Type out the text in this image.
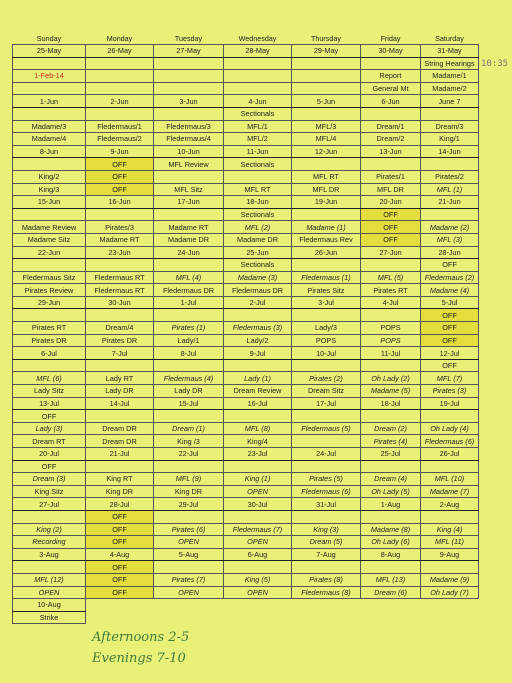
Sunday	Monday	Tuesday	Wednesday	Thursday	Friday	Saturday
25-May	26-May	27-May	28-May	29-May	30-May	31-May
						String Hearings
1-Feb-14					Report	Madame/1
					General Mt	Madame/2
1-Jun	2-Jun	3-Jun	4-Jun	5-Jun	6-Jun	June 7
			Sectionals			
Madame/3	Fledermaus/1	Fledermaus/3	MFL/1	MFL/3	Dream/1	Dream/3
Madame/4	Fledermaus/2	Fledermaus/4	MFL/2	MFL/4	Dream/2	King/1
8-Jun	9-Jun	10-Jun	11-Jun	12-Jun	13-Jun	14-Jun
	OFF	MFL Review	Sectionals			
King/2	OFF			MFL RT	Pirates/1	Pirates/2
King/3	OFF	MFL Sitz	MFL RT	MFL DR	MFL DR	MFL (1)
15-Jun	16-Jun	17-Jun	18-Jun	19-Jun	20-Jun	21-Jun
			Sectionals		OFF	
Madame Review	Pirates/3	Madame RT	MFL (2)	Madame (1)	OFF	Madame (2)
Madame Sitz	Madame RT	Madame DR	Madame DR	Fledermaus Rev	OFF	MFL (3)
22-Jun	23-Jun	24-Jun	25-Jun	26-Jun	27-Jun	28-Jun
			Sectionals			OFF
Fledermaus Sitz	Fledermaus RT	MFL (4)	Madame (3)	Fledermaus (1)	MFL (5)	Fledermaus (2)
Pirates Review	Fledermaus RT	Fledermaus DR	Fledermaus DR	Pirates Sitz	Pirates RT	Madame (4)
29-Jun	30-Jun	1-Jul	2-Jul	3-Jul	4-Jul	5-Jul
						OFF
Pirates RT	Dream/4	Pirates (1)	Fledermaus (3)	Lady/3	POPS	OFF
Pirates DR	Pirates DR	Lady/1	Lady/2	POPS	POPS	OFF
6-Jul	7-Jul	8-Jul	9-Jul	10-Jul	11-Jul	12-Jul
						OFF
MFL (6)	Lady RT	Fledermaus (4)	Lady (1)	Pirates (2)	Oh Lady (2)	MFL (7)
Lady Sitz	Lady DR	Lady DR	Dream Review	Dream Sitz	Madame (5)	Pirates (3)
13-Jul	14-Jul	15-Jul	16-Jul	17-Jul	18-Jul	19-Jul
OFF						
Lady (3)	Dream DR	Dream (1)	MFL (8)	Fledermaus (5)	Dream (2)	Oh Lady (4)
Dream RT	Dream DR	King /3	King/4		Pirates (4)	Fledermaus (6)
20-Jul	21-Jul	22-Jul	23-Jul	24-Jul	25-Jul	26-Jul
OFF						
Dream (3)	King RT	MFL (9)	King (1)	Pirates (5)	Dream (4)	MFL (10)
King Sitz	King DR	King DR	OPEN	Fledermaus (6)	Oh Lady (5)	Madame (7)
27-Jul	28-Jul	29-Jul	30-Jul	31-Jul	1-Aug	2-Aug
	OFF					
King (2)	OFF	Pirates (6)	Fledermaus (7)	King (3)	Madame (8)	King (4)
Recording	OFF	OPEN	OPEN	Dream (5)	Oh Lady (6)	MFL (11)
3-Aug	4-Aug	5-Aug	6-Aug	7-Aug	8-Aug	9-Aug
	OFF					
MFL (12)	OFF	Pirates (7)	King (5)	Pirates (8)	MFL (13)	Madame (9)
OPEN	OFF	OPEN	OPEN	Fledermaus (8)	Dream (6)	Oh Lady (7)
10-Aug						
Strike						
10:35
Afternoons 2-5
Evenings 7-10
